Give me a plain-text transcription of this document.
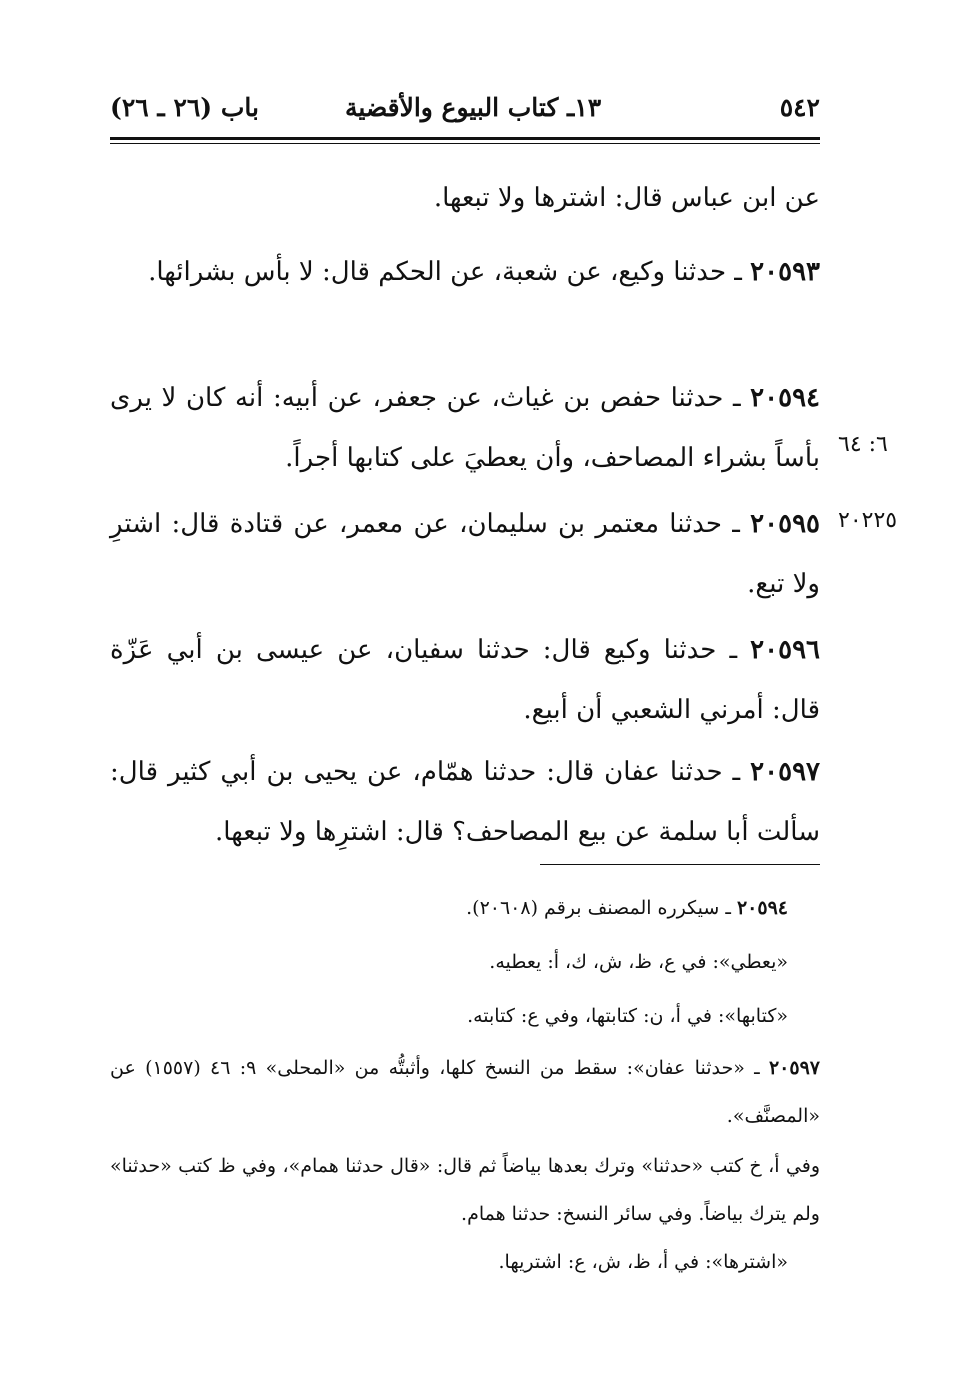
٥٤٢
١٣ـ كتاب البيوع والأقضية
باب (٢٦ ـ ٢٦)
عن ابن عباس قال: اشترها ولا تبعها.
٢٠٥٩٣ ـ حدثنا وكيع، عن شعبة، عن الحكم قال: لا بأس بشرائها.
٢٠٥٩٤ ـ حدثنا حفص بن غياث، عن جعفر، عن أبيه: أنه كان لا يرى بأساً بشراء المصاحف، وأن يعطيَ على كتابها أجراً. ٦: ٦٤
٢٠٥٩٥ ـ حدثنا معتمر بن سليمان، عن معمر، عن قتادة قال: اشترِ ولا تبع.
٢٠٢٢٥
٢٠٥٩٦ ـ حدثنا وكيع قال: حدثنا سفيان، عن عيسى بن أبي عَزّة قال: أمرني الشعبي أن أبيع.
٢٠٥٩٧ ـ حدثنا عفان قال: حدثنا همّام، عن يحيى بن أبي كثير قال: سألت أبا سلمة عن بيع المصاحف؟ قال: اشترِها ولا تبعها.
٢٠٥٩٤ ـ سيكرره المصنف برقم (٢٠٦٠٨).
«يعطي»: في ع، ظ، ش، ك، أ: يعطيه.
«كتابها»: في أ، ن: كتابتها، وفي ع: كتابته.
٢٠٥٩٧ ـ «حدثنا عفان»: سقط من النسخ كلها، وأثبتُّه من «المحلى» ٩: ٤٦ (١٥٥٧) عن «المصنَّف».
وفي أ، خ كتب «حدثنا» وترك بعدها بياضاً ثم قال: «قال حدثنا همام»، وفي ظ كتب «حدثنا» ولم يترك بياضاً. وفي سائر النسخ: حدثنا همام.
«اشترها»: في أ، ظ، ش، ع: اشتريها.
